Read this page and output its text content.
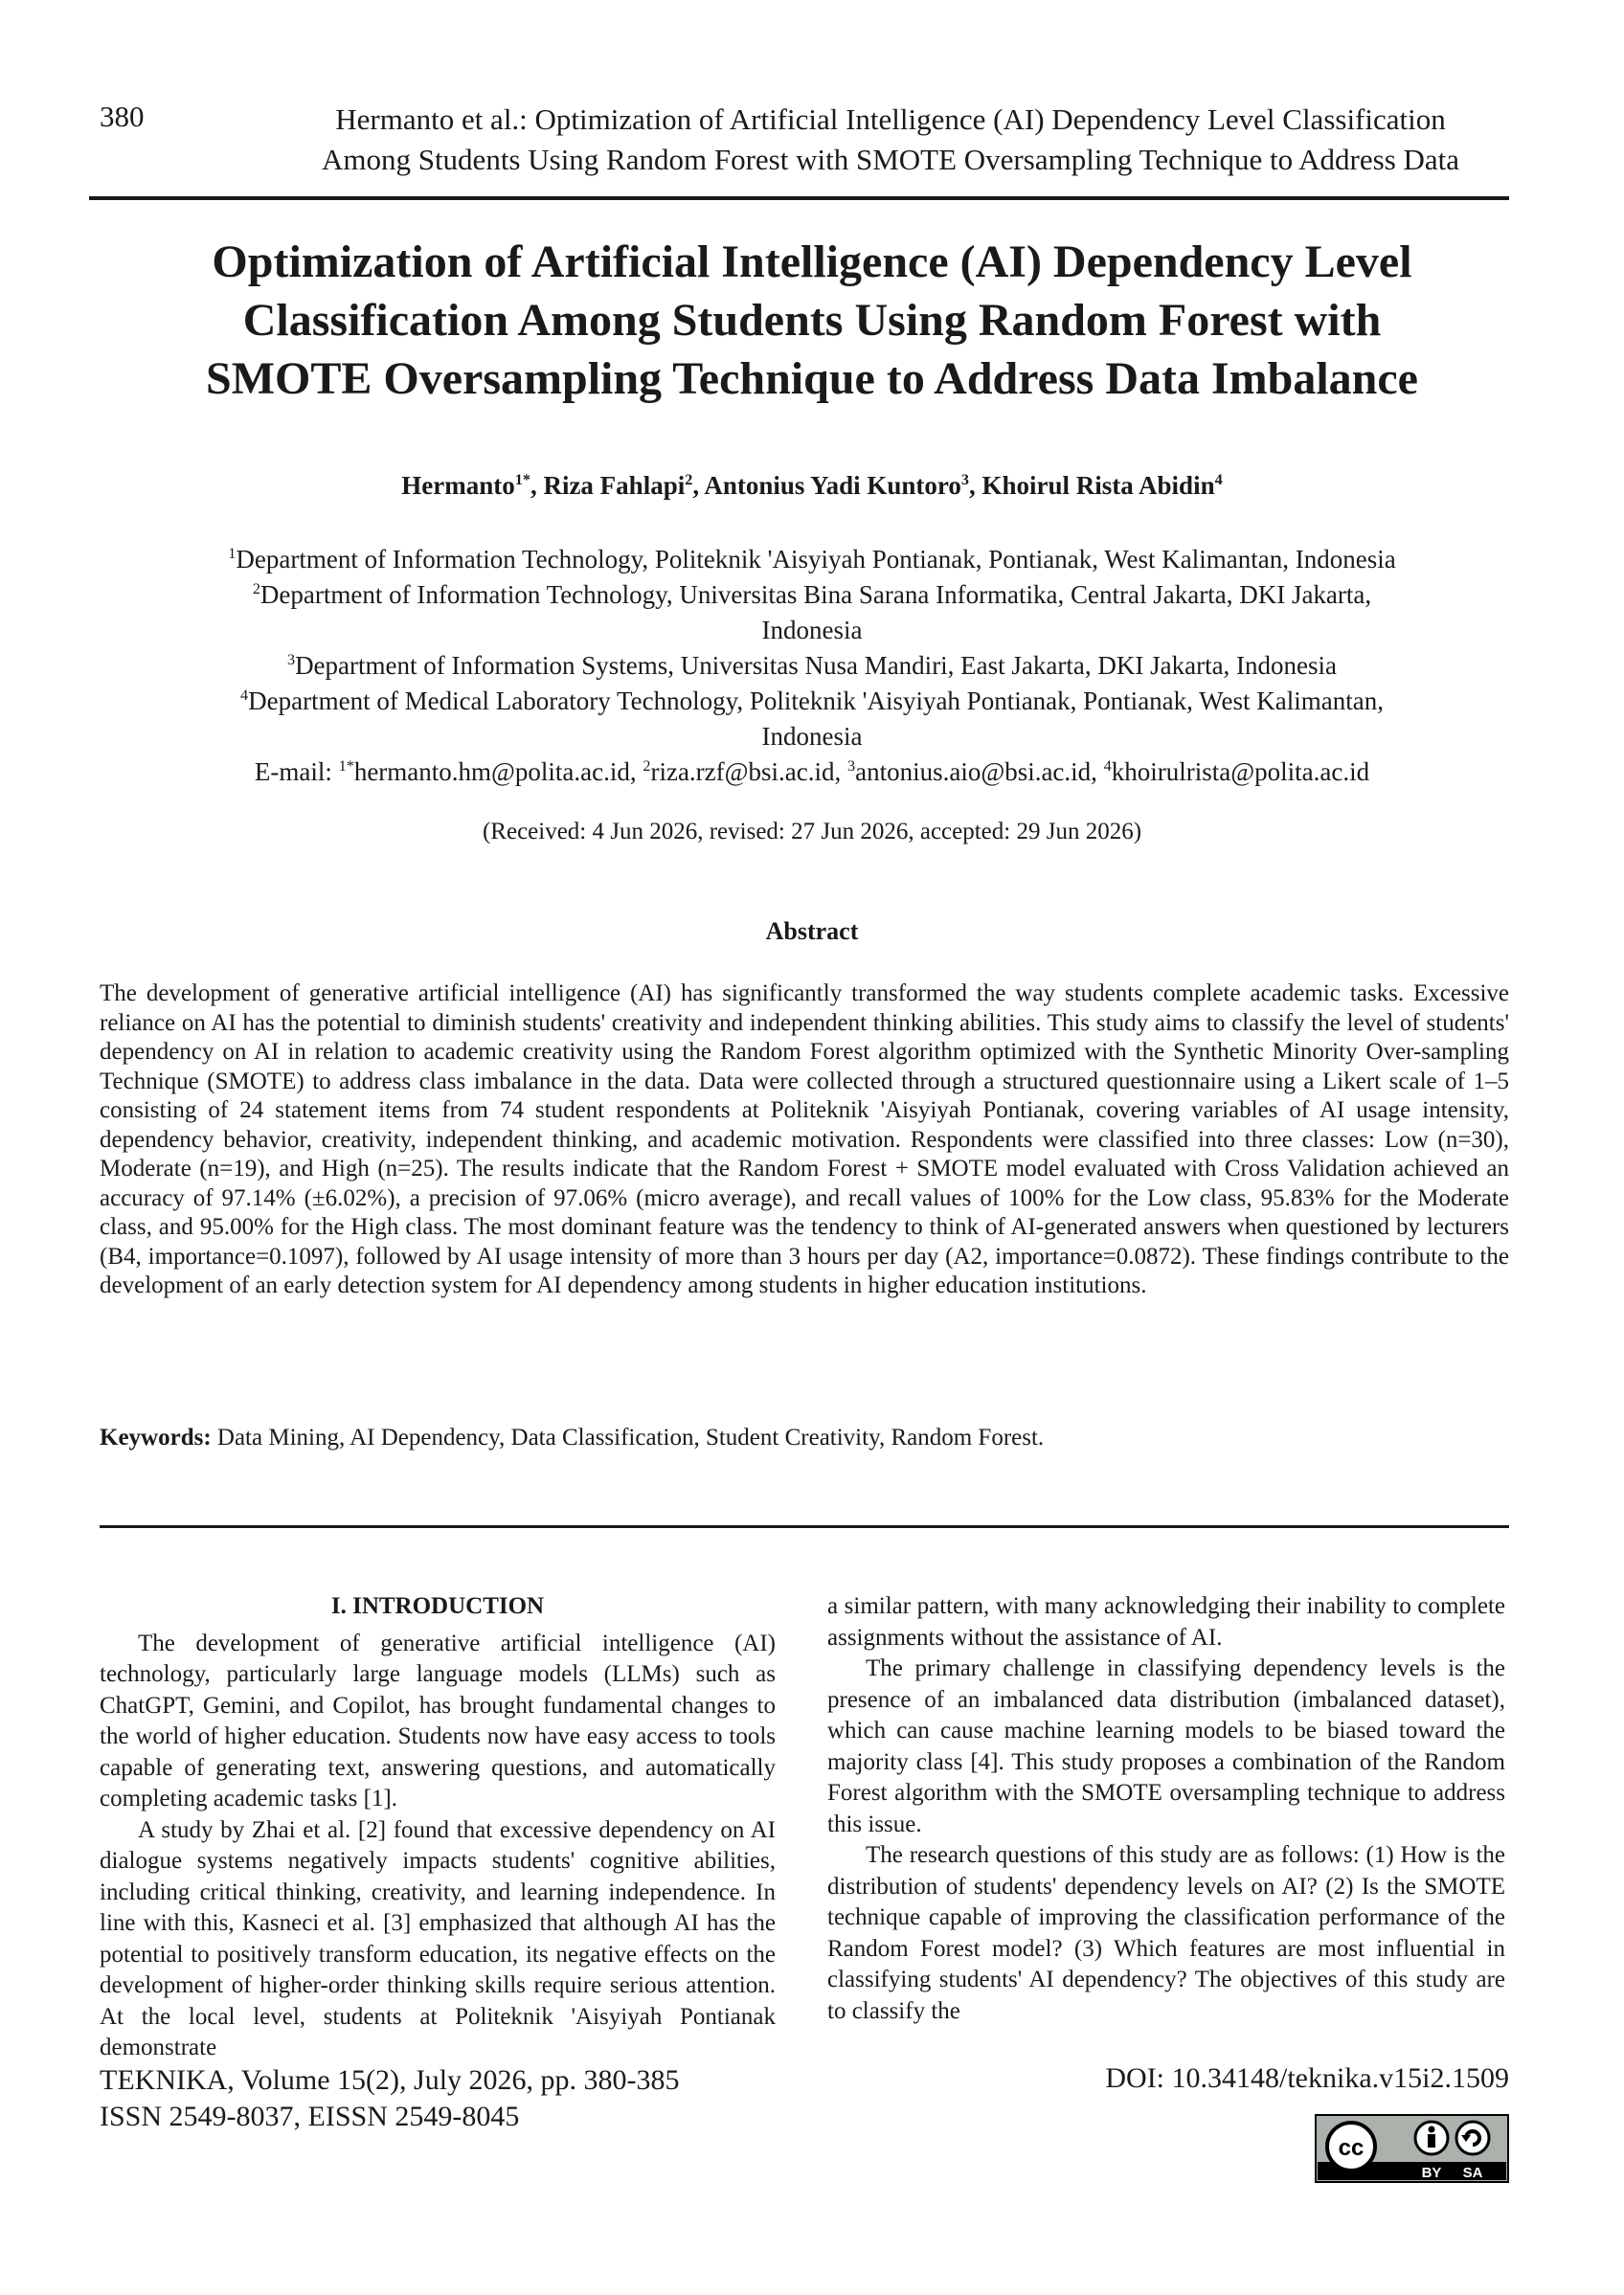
380	Hermanto et al.: Optimization of Artificial Intelligence (AI) Dependency Level Classification
Among Students Using Random Forest with SMOTE Oversampling Technique to Address Data
Optimization of Artificial Intelligence (AI) Dependency Level
Classification Among Students Using Random Forest with
SMOTE Oversampling Technique to Address Data Imbalance
Hermanto$^{1*}$, Riza Fahlapi$^2$, Antonius Yadi Kuntoro$^3$, Khoirul Rista Abidin$^4$
$^1$Department of Information Technology, Politeknik 'Aisyiyah Pontianak, Pontianak, West Kalimantan, Indonesia
$^2$Department of Information Technology, Universitas Bina Sarana Informatika, Central Jakarta, DKI Jakarta,
Indonesia
$^3$Department of Information Systems, Universitas Nusa Mandiri, East Jakarta, DKI Jakarta, Indonesia
$^4$Department of Medical Laboratory Technology, Politeknik 'Aisyiyah Pontianak, Pontianak, West Kalimantan,
Indonesia
E-mail: $^{1*}$hermanto.hm@polita.ac.id, $^2$riza.rzf@bsi.ac.id, $^3$antonius.aio@bsi.ac.id, $^4$khoirulrista@polita.ac.id
(Received: 4 Jun 2026, revised: 27 Jun 2026, accepted: 29 Jun 2026)
Abstract
The development of generative artificial intelligence (AI) has significantly transformed the way students complete academic tasks. Excessive reliance on AI has the potential to diminish students' creativity and independent thinking abilities. This study aims to classify the level of students' dependency on AI in relation to academic creativity using the Random Forest algorithm optimized with the Synthetic Minority Over-sampling Technique (SMOTE) to address class imbalance in the data. Data were collected through a structured questionnaire using a Likert scale of 1–5 consisting of 24 statement items from 74 student respondents at Politeknik 'Aisyiyah Pontianak, covering variables of AI usage intensity, dependency behavior, creativity, independent thinking, and academic motivation. Respondents were classified into three classes: Low (n=30), Moderate (n=19), and High (n=25). The results indicate that the Random Forest + SMOTE model evaluated with Cross Validation achieved an accuracy of 97.14% (±6.02%), a precision of 97.06% (micro average), and recall values of 100% for the Low class, 95.83% for the Moderate class, and 95.00% for the High class. The most dominant feature was the tendency to think of AI-generated answers when questioned by lecturers (B4, importance=0.1097), followed by AI usage intensity of more than 3 hours per day (A2, importance=0.0872). These findings contribute to the development of an early detection system for AI dependency among students in higher education institutions.
Keywords: Data Mining, AI Dependency, Data Classification, Student Creativity, Random Forest.
I. INTRODUCTION

The development of generative artificial intelligence (AI) technology, particularly large language models (LLMs) such as ChatGPT, Gemini, and Copilot, has brought fundamental changes to the world of higher education. Students now have easy access to tools capable of generating text, answering questions, and automatically completing academic tasks [1].

A study by Zhai et al. [2] found that excessive dependency on AI dialogue systems negatively impacts students' cognitive abilities, including critical thinking, creativity, and learning independence. In line with this, Kasneci et al. [3] emphasized that although AI has the potential to positively transform education, its negative effects on the development of higher-order thinking skills require serious attention. At the local level, students at Politeknik 'Aisyiyah Pontianak demonstrate

a similar pattern, with many acknowledging their inability to complete assignments without the assistance of AI.

The primary challenge in classifying dependency levels is the presence of an imbalanced data distribution (imbalanced dataset), which can cause machine learning models to be biased toward the majority class [4]. This study proposes a combination of the Random Forest algorithm with the SMOTE oversampling technique to address this issue.

The research questions of this study are as follows: (1) How is the distribution of students' dependency levels on AI? (2) Is the SMOTE technique capable of improving the classification performance of the Random Forest model? (3) Which features are most influential in classifying students' AI dependency? The objectives of this study are to classify the

TEKNIKA, Volume 15(2), July 2026, pp. 380-385
ISSN 2549-8037, EISSN 2549-8045
DOI: 10.34148/teknika.v15i2.1509
cc
BY SA
